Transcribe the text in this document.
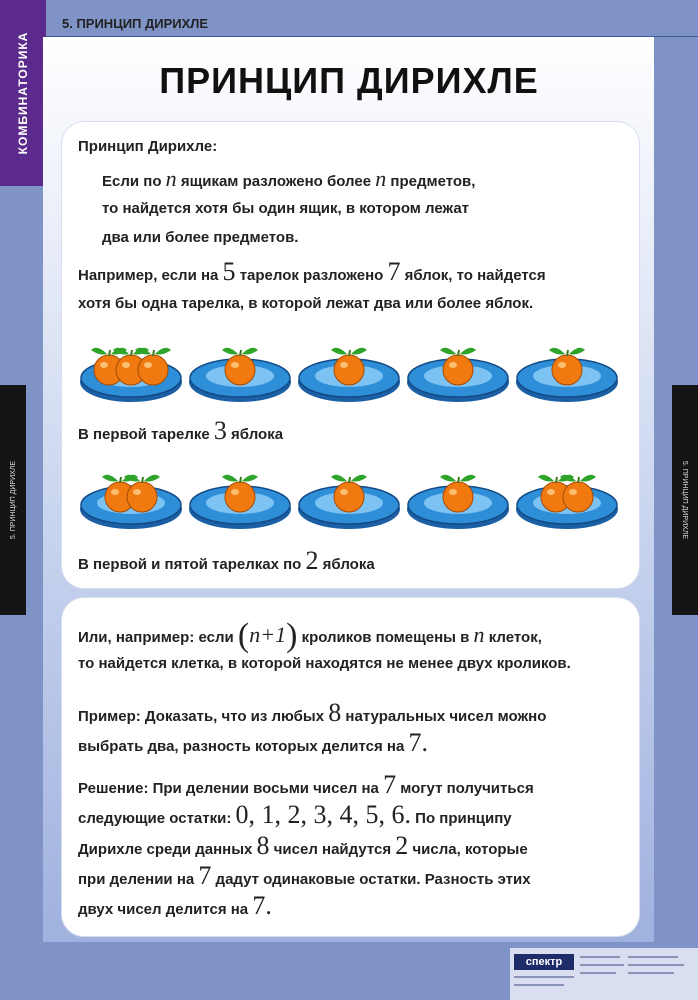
КОМБИНАТОРИКА
5. ПРИНЦИП ДИРИХЛЕ
5. ПРИНЦИП ДИРИХЛЕ	5. ПРИНЦИП ДИРИХЛЕ
ПРИНЦИП ДИРИХЛЕ
Принцип Дирихле:
Если по n ящикам разложено более n предметов,
то найдется хотя бы один ящик, в котором лежат
два или более предметов.
Например, если на 5 тарелок разложено 7 яблок, то найдется
хотя бы одна тарелка, в которой лежат два или более яблок.
В первой тарелке 3 яблока
В первой и пятой тарелках по 2 яблока
Или, например: если (n+1) кроликов помещены в n клеток,
то найдется клетка, в которой находятся не менее двух кроликов.
Пример: Доказать, что из любых 8 натуральных чисел можно
выбрать два, разность которых делится на 7.
Решение: При делении восьми чисел на 7 могут получиться
следующие остатки: 0, 1, 2, 3, 4, 5, 6. По принципу
Дирихле среди данных 8 чисел найдутся 2 числа, которые
при делении на 7 дадут одинаковые остатки. Разность этих
двух чисел делится на 7.
спектр
